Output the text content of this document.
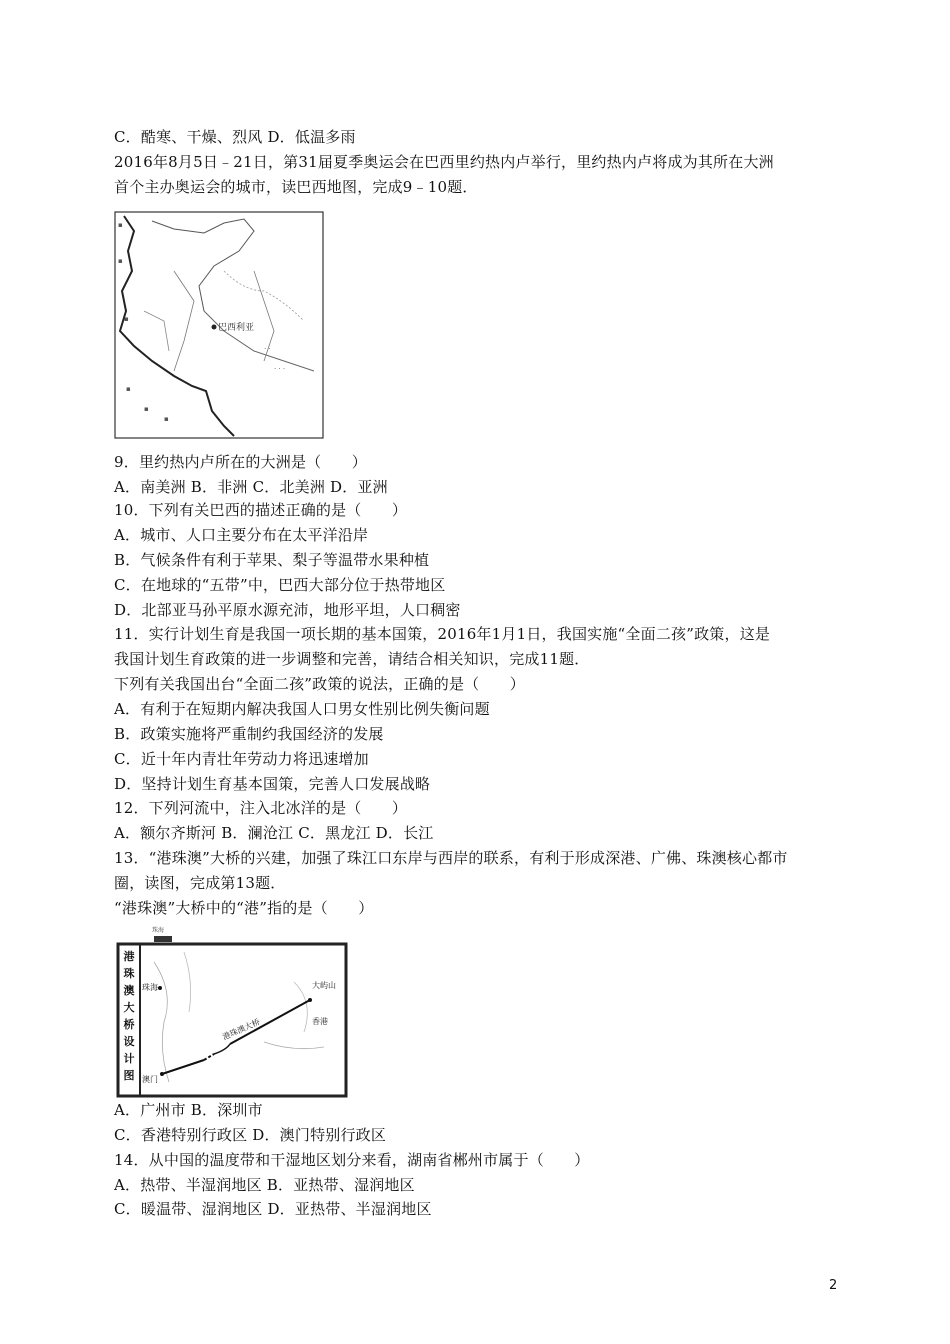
C．酷寒、干燥、烈风 D．低温多雨
2016年8月5日﹣21日，第31届夏季奥运会在巴西里约热内卢举行，里约热内卢将成为其所在大洲
首个主办奥运会的城市，读巴西地图，完成9﹣10题．
巴西利亚
▪
▪
▪
▪
▪
▪
· ·
· · ·
9．里约热内卢所在的大洲是（　　）
A．南美洲 B．非洲 C．北美洲 D．亚洲
10．下列有关巴西的描述正确的是（　　）
A．城市、人口主要分布在太平洋沿岸
B．气候条件有利于苹果、梨子等温带水果种植
C．在地球的“五带”中，巴西大部分位于热带地区
D．北部亚马孙平原水源充沛，地形平坦，人口稠密
11．实行计划生育是我国一项长期的基本国策，2016年1月1日，我国实施“全面二孩”政策，这是
我国计划生育政策的进一步调整和完善，请结合相关知识，完成11题．
下列有关我国出台“全面二孩”政策的说法，正确的是（　　）
A．有利于在短期内解决我国人口男女性别比例失衡问题
B．政策实施将严重制约我国经济的发展
C．近十年内青壮年劳动力将迅速增加
D．坚持计划生育基本国策，完善人口发展战略
12．下列河流中，注入北冰洋的是（　　）
A．额尔齐斯河 B．澜沧江 C．黑龙江 D．长江
13．“港珠澳”大桥的兴建，加强了珠江口东岸与西岸的联系，有利于形成深港、广佛、珠澳核心都市
圈，读图，完成第13题．
“港珠澳”大桥中的“港”指的是（　　）
珠海
港
珠
澳
大
桥
设
计
图
珠海
澳门
港珠澳大桥
大屿山
香港
A．广州市 B．深圳市
C．香港特别行政区 D．澳门特别行政区
14．从中国的温度带和干湿地区划分来看，湖南省郴州市属于（　　）
A．热带、半湿润地区 B．亚热带、湿润地区
C．暖温带、湿润地区 D．亚热带、半湿润地区
2
